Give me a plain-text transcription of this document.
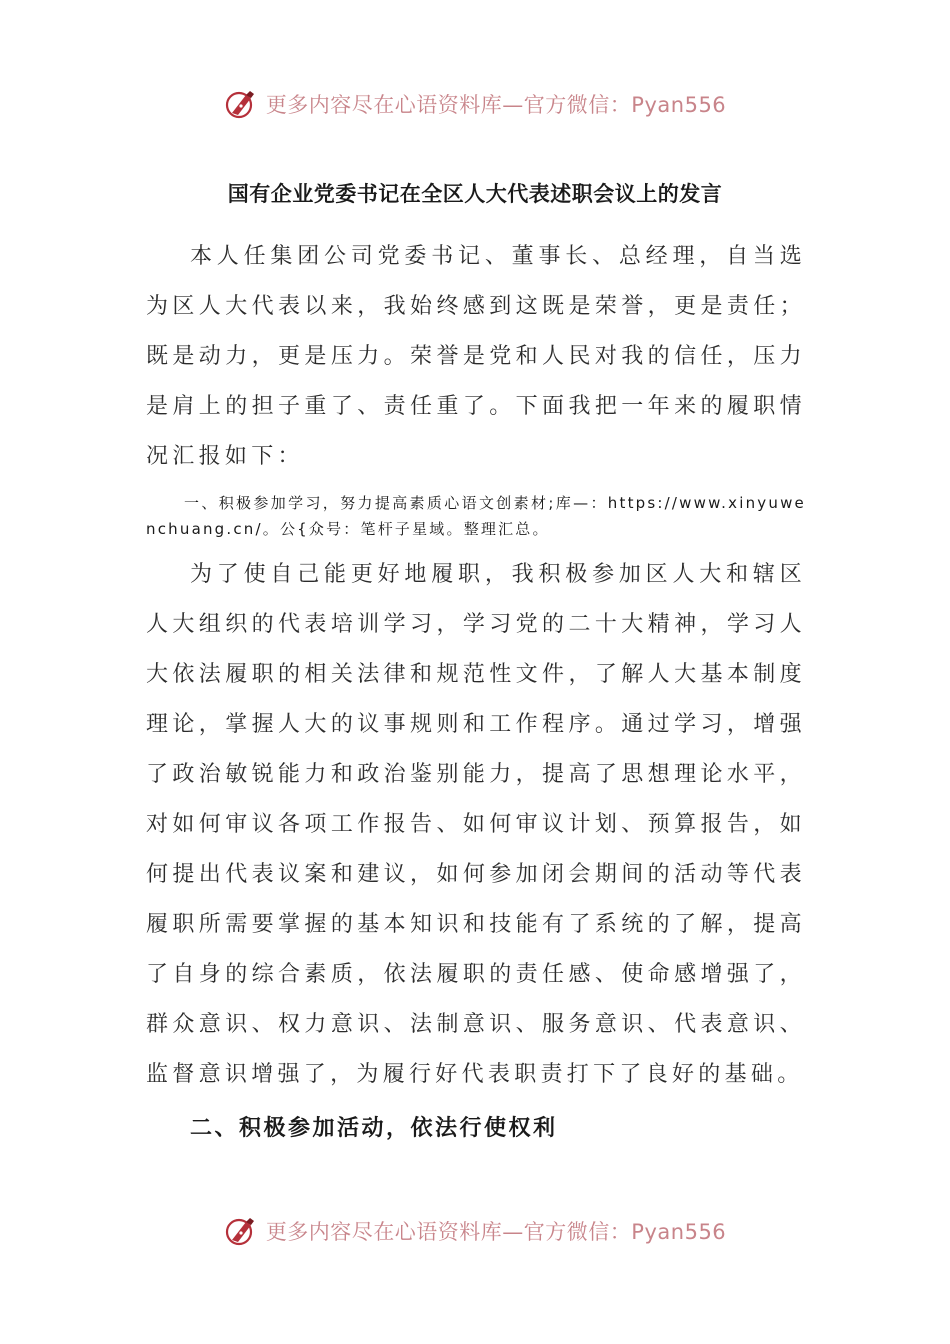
更多内容尽在心语资料库—官方微信：Pyan556
国有企业党委书记在全区人大代表述职会议上的发言

本人任集团公司党委书记、董事长、总经理，自当选为区人大代表以来，我始终感到这既是荣誉，更是责任；既是动力，更是压力。荣誉是党和人民对我的信任，压力是肩上的担子重了、责任重了。下面我把一年来的履职情况汇报如下：

一、积极参加学习，努力提高素质心语文创素材;库—：https://www.xinyuwenchuang.cn/。公{众号：笔杆子星域。整理汇总。

为了使自己能更好地履职，我积极参加区人大和辖区人大组织的代表培训学习，学习党的二十大精神，学习人大依法履职的相关法律和规范性文件，了解人大基本制度理论，掌握人大的议事规则和工作程序。通过学习，增强了政治敏锐能力和政治鉴别能力，提高了思想理论水平，对如何审议各项工作报告、如何审议计划、预算报告，如何提出代表议案和建议，如何参加闭会期间的活动等代表履职所需要掌握的基本知识和技能有了系统的了解，提高了自身的综合素质，依法履职的责任感、使命感增强了，群众意识、权力意识、法制意识、服务意识、代表意识、监督意识增强了，为履行好代表职责打下了良好的基础。

二、积极参加活动，依法行使权利

更多内容尽在心语资料库—官方微信：Pyan556
